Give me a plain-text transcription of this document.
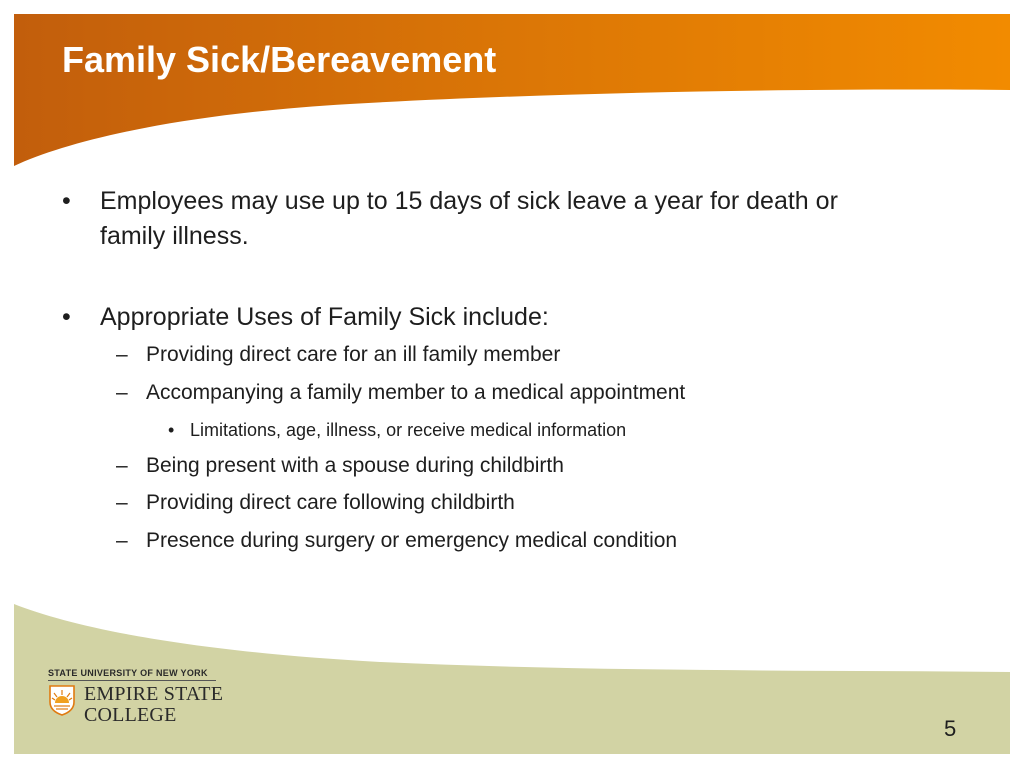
Family Sick/Bereavement
• Employees may use up to 15 days of sick leave a year for death or
family illness.
• Appropriate Uses of Family Sick include:
– Providing direct care for an ill family member
– Accompanying a family member to a medical appointment
• Limitations, age, illness, or receive medical information
– Being present with a spouse during childbirth
– Providing direct care following childbirth
– Presence during surgery or emergency medical condition
STATE UNIVERSITY OF NEW YORK
EMPIRE STATE
COLLEGE
5
